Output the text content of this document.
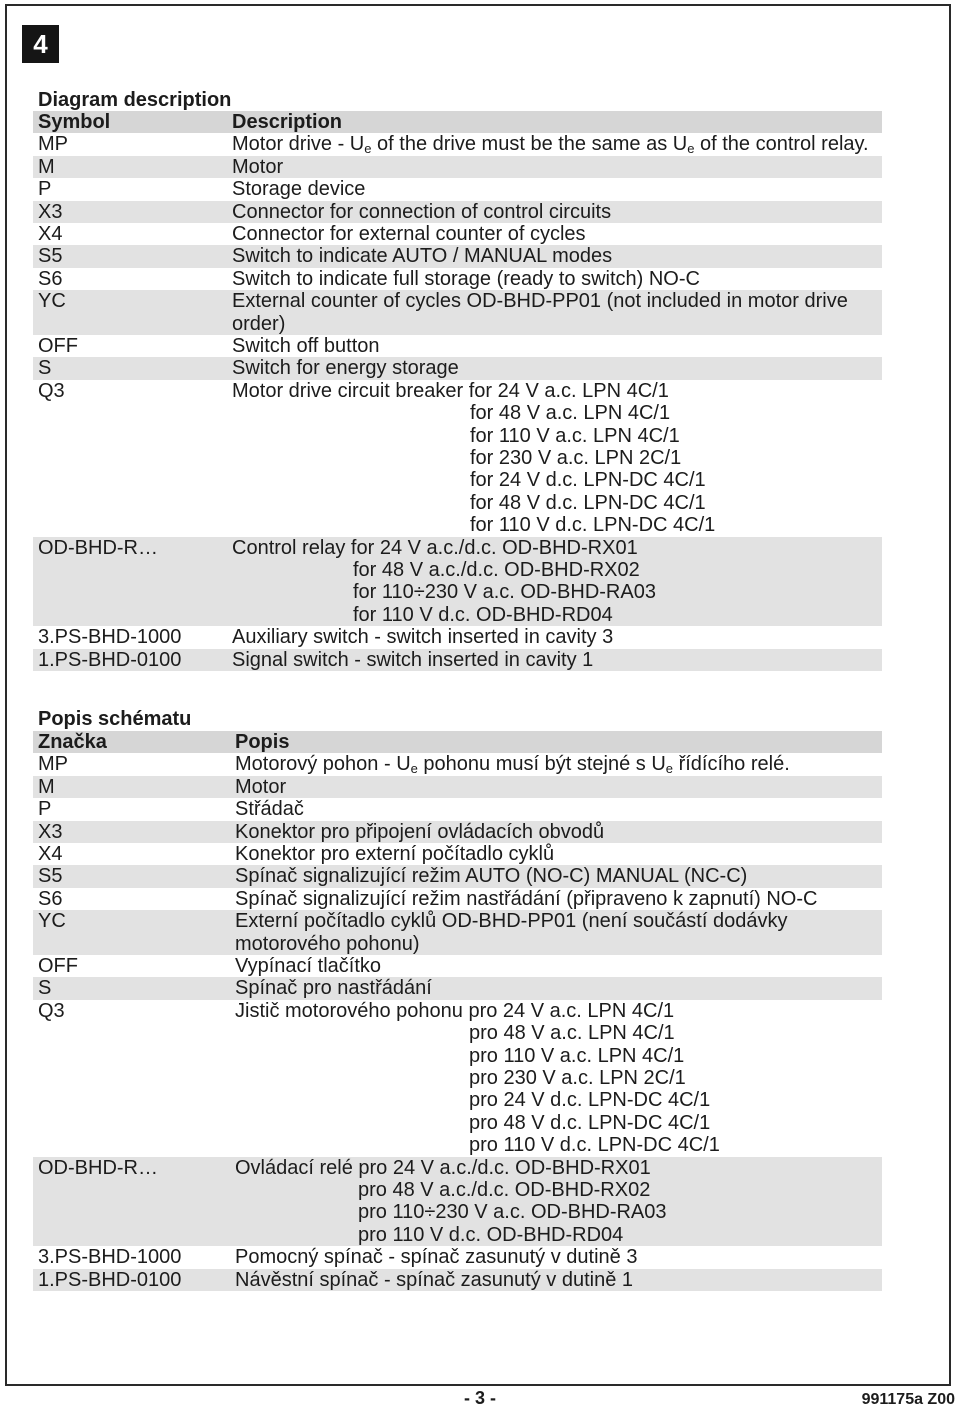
4
Diagram description
Symbol	Description
MP	Motor drive - $U_e$ of the drive must be the same as $U_e$ of the control relay.
M	Motor
P	Storage device
X3	Connector for connection of control circuits
X4	Connector for external counter of cycles
S5	Switch to indicate AUTO / MANUAL modes
S6	Switch to indicate full storage (ready to switch) NO-C
YC	External counter of cycles OD-BHD-PP01 (not included in motor drive
order)
OFF	Switch off button
S	Switch for energy storage
Q3	Motor drive circuit breaker for 24 V a.c. LPN 4C/1
for 48 V a.c. LPN 4C/1
for 110 V a.c. LPN 4C/1
for 230 V a.c. LPN 2C/1
for 24 V d.c. LPN-DC 4C/1
for 48 V d.c. LPN-DC 4C/1
for 110 V d.c. LPN-DC 4C/1
OD-BHD-R…	Control relay for 24 V a.c./d.c. OD-BHD-RX01
for 48 V a.c./d.c. OD-BHD-RX02
for 110÷230 V a.c. OD-BHD-RA03
for 110 V d.c. OD-BHD-RD04
3.PS-BHD-1000	Auxiliary switch - switch inserted in cavity 3
1.PS-BHD-0100	Signal switch - switch inserted in cavity 1
Popis schématu
Značka	Popis
MP	Motorový pohon - $U_e$ pohonu musí být stejné s $U_e$ řídícího relé.
M	Motor
P	Střádač
X3	Konektor pro připojení ovládacích obvodů
X4	Konektor pro externí počítadlo cyklů
S5	Spínač signalizující režim AUTO (NO-C) MANUAL (NC-C)
S6	Spínač signalizující režim nastřádání (připraveno k zapnutí) NO-C
YC	Externí počítadlo cyklů OD-BHD-PP01 (není součástí dodávky
motorového pohonu)
OFF	Vypínací tlačítko
S	Spínač pro nastřádání
Q3	Jistič motorového pohonu pro 24 V a.c. LPN 4C/1
pro 48 V a.c. LPN 4C/1
pro 110 V a.c. LPN 4C/1
pro 230 V a.c. LPN 2C/1
pro 24 V d.c. LPN-DC 4C/1
pro 48 V d.c. LPN-DC 4C/1
pro 110 V d.c. LPN-DC 4C/1
OD-BHD-R…	Ovládací relé pro 24 V a.c./d.c. OD-BHD-RX01
pro 48 V a.c./d.c. OD-BHD-RX02
pro 110÷230 V a.c. OD-BHD-RA03
pro 110 V d.c. OD-BHD-RD04
3.PS-BHD-1000	Pomocný spínač - spínač zasunutý v dutině 3
1.PS-BHD-0100	Návěstní spínač - spínač zasunutý v dutině 1
- 3 -	991175a Z00
